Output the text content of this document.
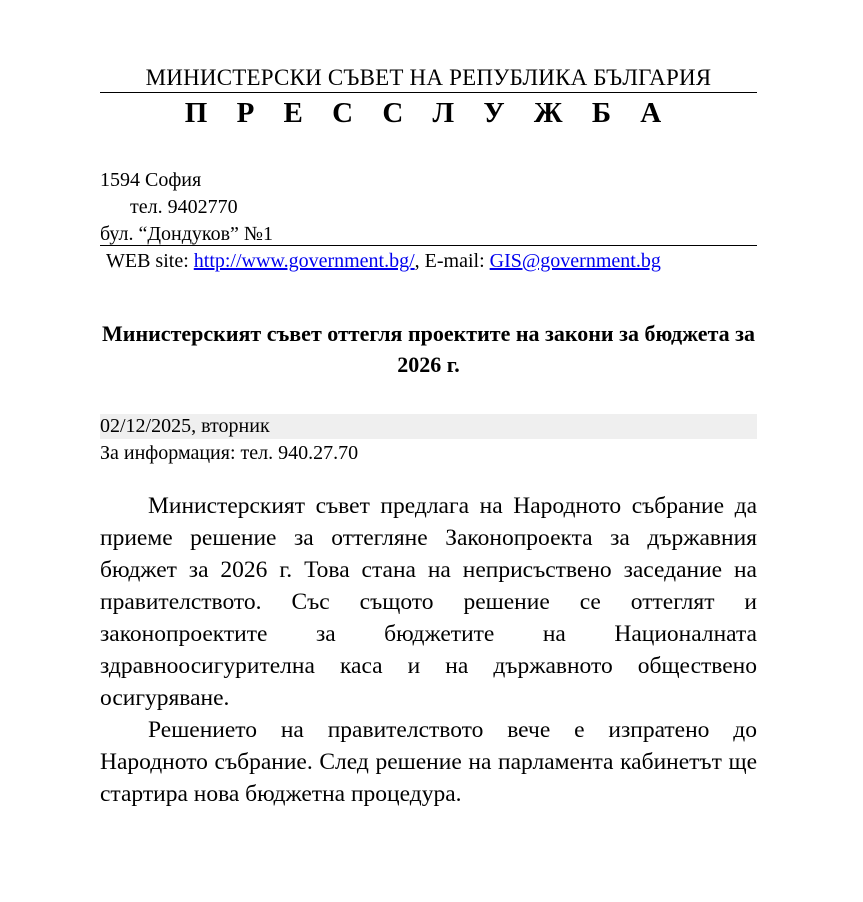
МИНИСТЕРСКИ СЪВЕТ НА РЕПУБЛИКА БЪЛГАРИЯ
П Р Е С С Л У Ж Б А
1594 София
тел. 9402770
бул. “Дондуков” №1
WEB site: http://www.government.bg/, E-mail: GIS@government.bg
Министерският съвет оттегля проектите на закони за бюджета за 2026 г.
02/12/2025, вторник
За информация: тел. 940.27.70

Министерският съвет предлага на Народното събрание да приеме решение за оттегляне Законопроекта за държавния бюджет за 2026 г. Това стана на неприсъствено заседание на правителството. Със същото решение се оттеглят и законопроектите за бюджетите на Националната здравноосигурителна каса и на държавното обществено осигуряване.

Решението на правителството вече е изпратено до Народното събрание. След решение на парламента кабинетът ще стартира нова бюджетна процедура.
